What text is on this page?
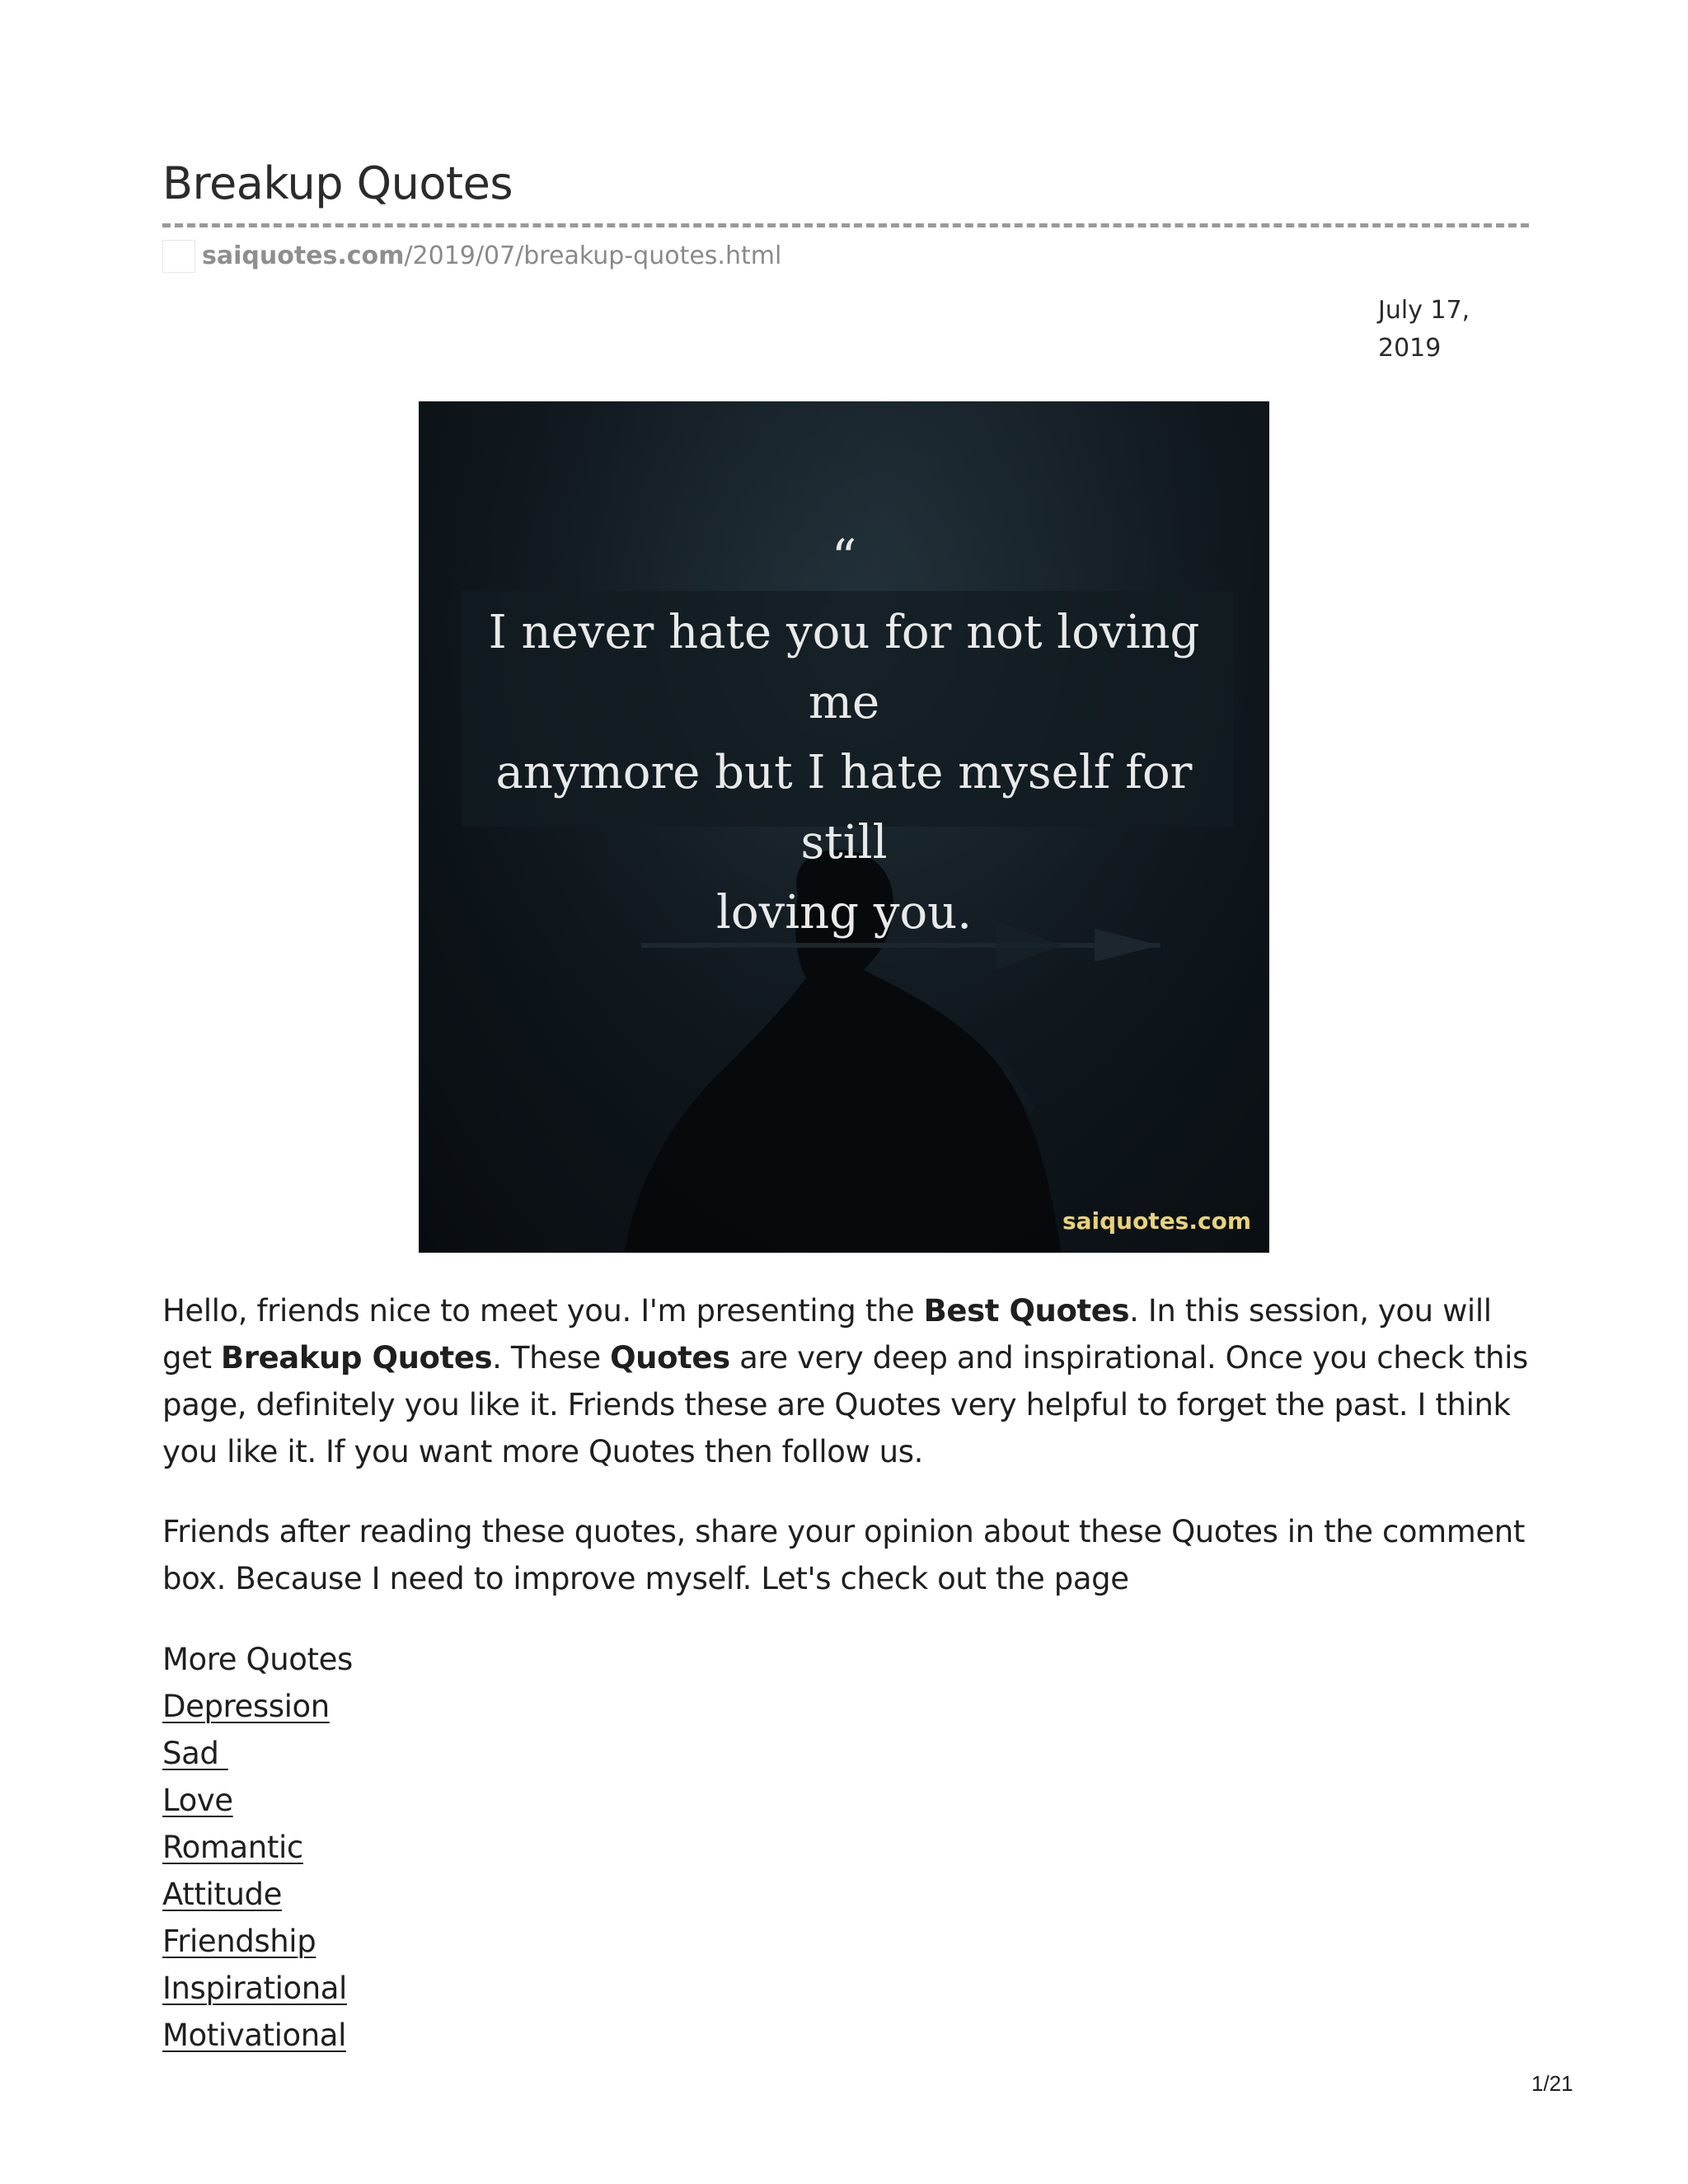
Breakup Quotes
saiquotes.com/2019/07/breakup-quotes.html
July 17,
2019
“
I never hate you for not loving me
anymore but I hate myself for still
loving you.
saiquotes.com

Hello, friends nice to meet you. I'm presenting the Best Quotes. In this session, you will get Breakup Quotes. These Quotes are very deep and inspirational. Once you check this page, definitely you like it. Friends these are Quotes very helpful to forget the past. I think you like it. If you want more Quotes then follow us.

Friends after reading these quotes, share your opinion about these Quotes in the comment box. Because I need to improve myself. Let's check out the page

More Quotes
Depression
Sad
Love
Romantic
Attitude
Friendship
Inspirational
Motivational
1/21
